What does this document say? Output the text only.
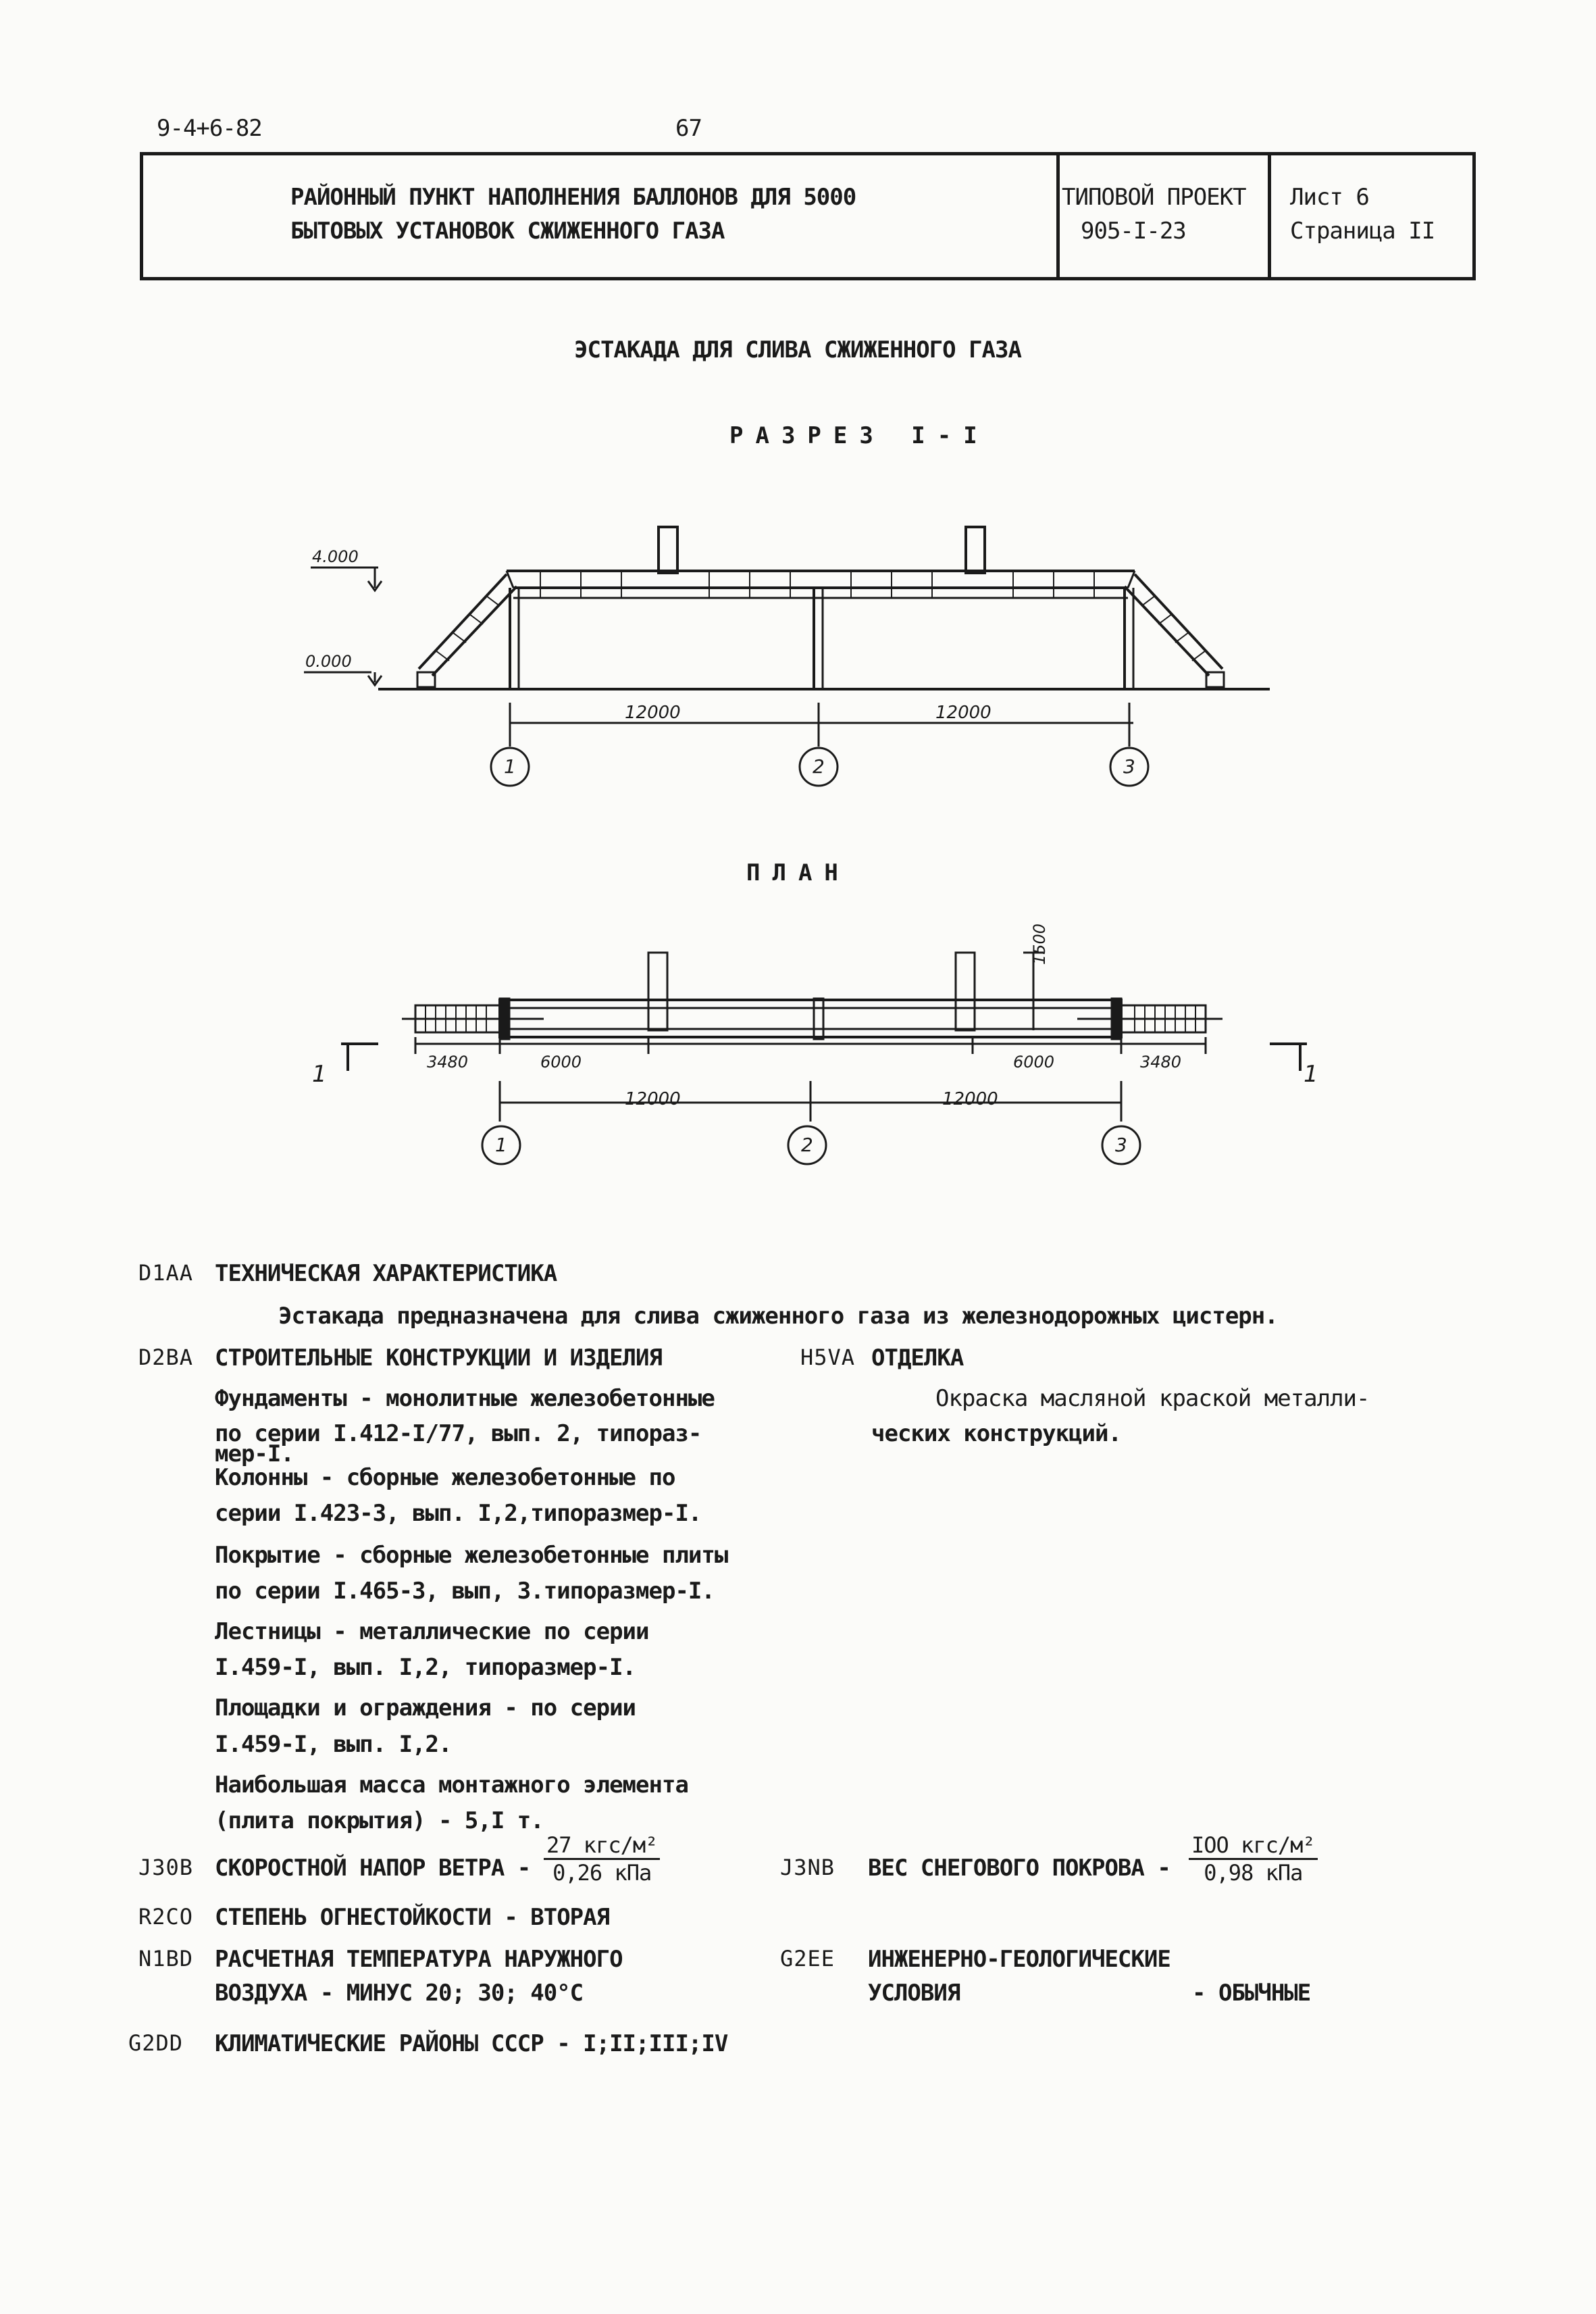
9-4+6-82	67
РАЙОННЫЙ ПУНКТ НАПОЛНЕНИЯ БАЛЛОНОВ ДЛЯ 5000
БЫТОВЫХ УСТАНОВОК СЖИЖЕННОГО ГАЗА
ТИПОВОЙ ПРОЕКТ
905-I-23
Лист 6
Страница II
ЭСТАКАДА ДЛЯ СЛИВА СЖИЖЕННОГО ГАЗА
РАЗРЕЗ I-I
4.000
0.000
12000	12000
1	2	3
ПЛАН
1500
3480	6000	6000	3480
12000	12000
1	2	3
1	1
D1AA ТЕХНИЧЕСКАЯ ХАРАКТЕРИСТИКА
Эстакада предназначена для слива сжиженного газа из железнодорожных цистерн.
D2BA СТРОИТЕЛЬНЫЕ КОНСТРУКЦИИ И ИЗДЕЛИЯ
Фундаменты - монолитные железобетонные
по серии I.412-I/77, вып. 2, типораз-
мер-I.
Колонны - сборные железобетонные по
серии I.423-3, вып. I,2,типоразмер-I.
Покрытие - сборные железобетонные плиты
по серии I.465-3, вып, 3.типоразмер-I.
Лестницы - металлические по серии
I.459-I, вып. I,2, типоразмер-I.
Площадки и ограждения - по серии
I.459-I, вып. I,2.
Наибольшая масса монтажного элемента
(плита покрытия) - 5,I т.
H5VA ОТДЕЛКА
Окраска масляной краской металли-
ческих конструкций.
J30B СКОРОСТНОЙ НАПОР ВЕТРА -
27 кгс/м²
0,26 кПа	J3NB ВЕС СНЕГОВОГО ПОКРОВА -
IOO кгс/м²
0,98 кПа
R2CO СТЕПЕНЬ ОГНЕСТОЙКОСТИ - ВТОРАЯ
N1BD РАСЧЕТНАЯ ТЕМПЕРАТУРА НАРУЖНОГО
ВОЗДУХА - МИНУС 20; 30; 40°С
G2EE ИНЖЕНЕРНО-ГЕОЛОГИЧЕСКИЕ
УСЛОВИЯ	- ОБЫЧНЫЕ
G2DD КЛИМАТИЧЕСКИЕ РАЙОНЫ СССР - I;II;III;IV
